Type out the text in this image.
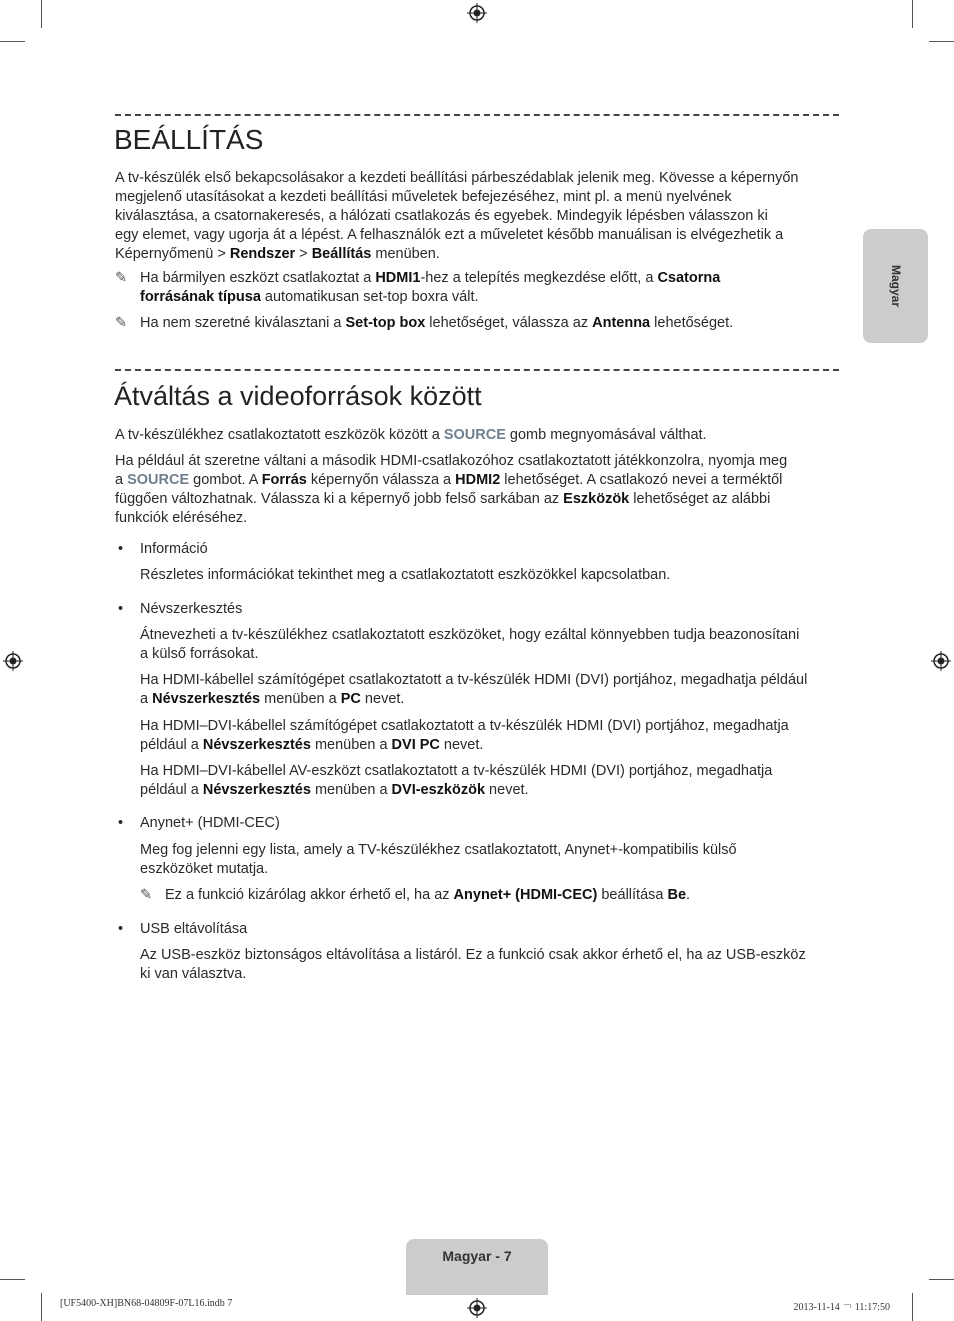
Magyar
BEÁLLÍTÁS

A tv-készülék első bekapcsolásakor a kezdeti beállítási párbeszédablak jelenik meg. Kövesse a képernyőn
megjelenő utasításokat a kezdeti beállítási műveletek befejezéséhez, mint pl. a menü nyelvének
kiválasztása, a csatornakeresés, a hálózati csatlakozás és egyebek. Mindegyik lépésben válasszon ki
egy elemet, vagy ugorja át a lépést. A felhasználók ezt a műveletet később manuálisan is elvégezhetik a
Képernyőmenü > Rendszer > Beállítás menüben.

✎ Ha bármilyen eszközt csatlakoztat a HDMI1-hez a telepítés megkezdése előtt, a Csatorna
forrásának típusa automatikusan set-top boxra vált.

✎ Ha nem szeretné kiválasztani a Set-top box lehetőséget, válassza az Antenna lehetőséget.

Átváltás a videoforrások között

A tv-készülékhez csatlakoztatott eszközök között a SOURCE gomb megnyomásával válthat.

Ha például át szeretne váltani a második HDMI-csatlakozóhoz csatlakoztatott játékkonzolra, nyomja meg
a SOURCE gombot. A Forrás képernyőn válassza a HDMI2 lehetőséget. A csatlakozó nevei a terméktől
függően változhatnak. Válassza ki a képernyő jobb felső sarkában az Eszközök lehetőséget az alábbi
funkciók eléréséhez.

• Információ

Részletes információkat tekinthet meg a csatlakoztatott eszközökkel kapcsolatban.

• Névszerkesztés

Átnevezheti a tv-készülékhez csatlakoztatott eszközöket, hogy ezáltal könnyebben tudja beazonosítani
a külső forrásokat.

Ha HDMI-kábellel számítógépet csatlakoztatott a tv-készülék HDMI (DVI) portjához, megadhatja például
a Névszerkesztés menüben a PC nevet.

Ha HDMI–DVI-kábellel számítógépet csatlakoztatott a tv-készülék HDMI (DVI) portjához, megadhatja
például a Névszerkesztés menüben a DVI PC nevet.

Ha HDMI–DVI-kábellel AV-eszközt csatlakoztatott a tv-készülék HDMI (DVI) portjához, megadhatja
például a Névszerkesztés menüben a DVI-eszközök nevet.

• Anynet+ (HDMI-CEC)

Meg fog jelenni egy lista, amely a TV-készülékhez csatlakoztatott, Anynet+-kompatibilis külső
eszközöket mutatja.

✎ Ez a funkció kizárólag akkor érhető el, ha az Anynet+ (HDMI-CEC) beállítása Be.

• USB eltávolítása

Az USB-eszköz biztonságos eltávolítása a listáról. Ez a funkció csak akkor érhető el, ha az USB-eszköz
ki van választva.

Magyar - 7
[UF5400-XH]BN68-04809F-07L16.indb 7	2013-11-14 ￢ 11:17:50
